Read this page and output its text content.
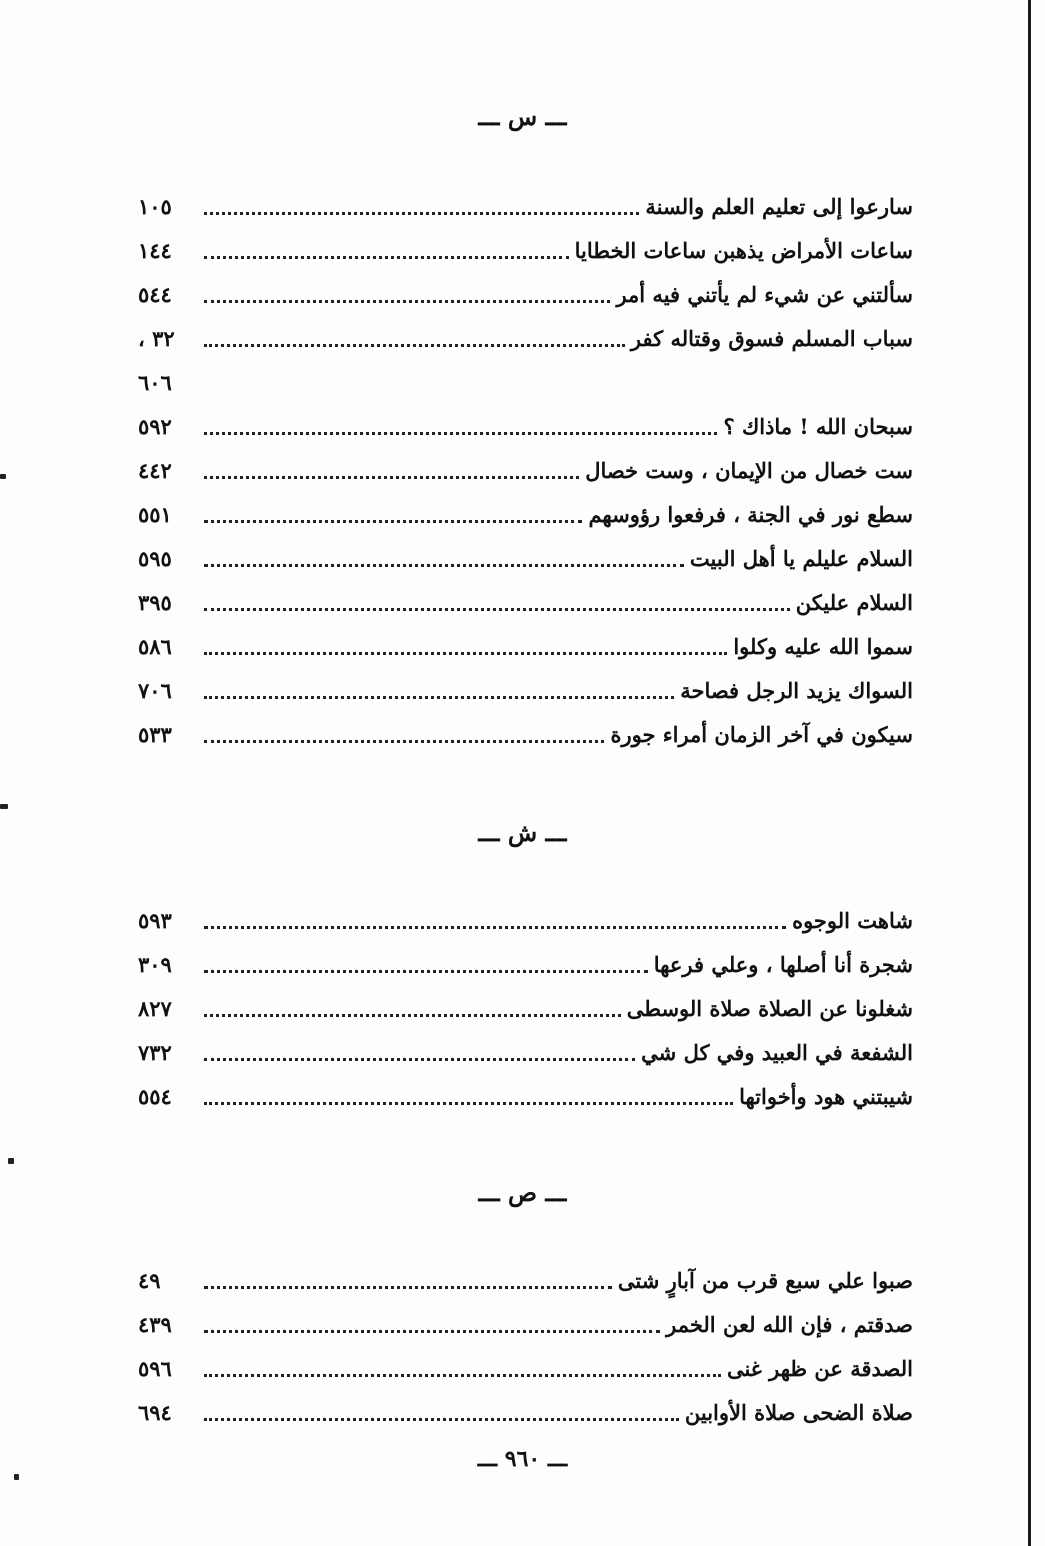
ـــ س ـــ
سارعوا إلى تعليم العلم والسنة
١٠٥
ساعات الأمراض يذهبن ساعات الخطايا
١٤٤
سألتني عن شيء لم يأتني فيه أمر
٥٤٤
سباب المسلم فسوق وقتاله كفر
٣٢ ،
٦٠٦
سبحان الله ! ماذاك ؟
٥٩٢
ست خصال من الإيمان ، وست خصال
٤٤٢
سطع نور في الجنة ، فرفعوا رؤوسهم
٥٥١
السلام عليلم يا أهل البيت
٥٩٥
السلام عليكن
٣٩٥
سموا الله عليه وكلوا
٥٨٦
السواك يزيد الرجل فصاحة
٧٠٦
سيكون في آخر الزمان أمراء جورة
٥٣٣
ـــ ش ـــ
شاهت الوجوه
٥٩٣
شجرة أنا أصلها ، وعلي فرعها
٣٠٩
شغلونا عن الصلاة صلاة الوسطى
٨٢٧
الشفعة في العبيد وفي كل شي
٧٣٢
شيبتني هود وأخواتها
٥٥٤
ـــ ص ـــ
صبوا علي سبع قرب من آبارٍ شتى
٤٩
صدقتم ، فإن الله لعن الخمر
٤٣٩
الصدقة عن ظهر غنى
٥٩٦
صلاة الضحى صلاة الأوابين
٦٩٤
ـــ ٩٦٠ ـــ
